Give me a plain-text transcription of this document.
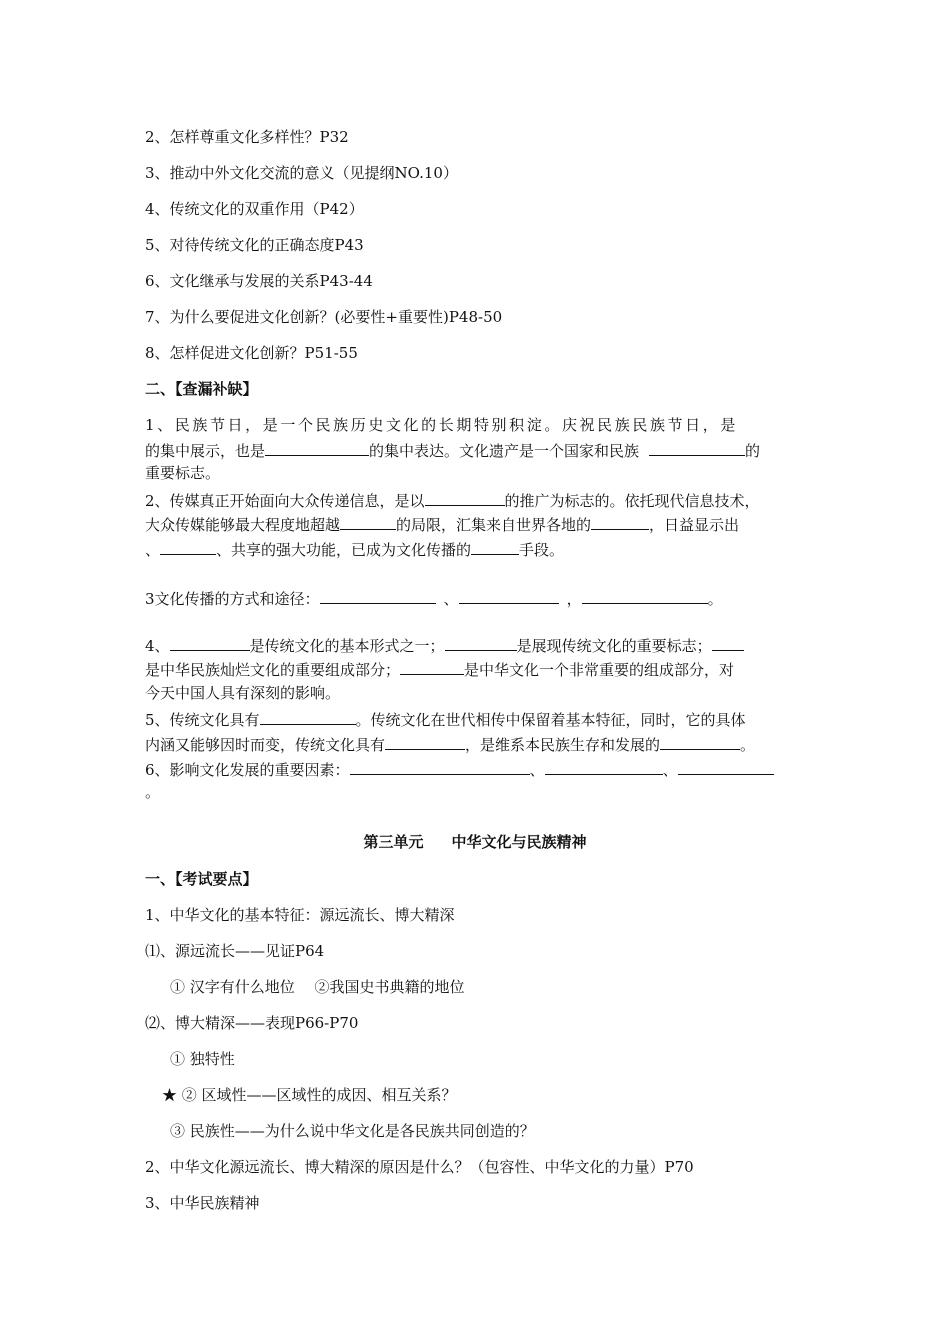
2、怎样尊重文化多样性？P32
3、推动中外文化交流的意义（见提纲NO.10）
4、传统文化的双重作用（P42）
5、对待传统文化的正确态度P43
6、文化继承与发展的关系P43-44
7、为什么要促进文化创新？(必要性+重要性)P48-50
8、怎样促进文化创新？P51-55
二、【查漏补缺】
1、民族节日，是一个民族历史文化的长期特别积淀。庆祝民族民族节日，是
的集中展示，也是	的集中表达。文化遗产是一个国家和民族	的
重要标志。
2、传媒真正开始面向大众传递信息，是以	的推广为标志的。依托现代信息技术，
大众传媒能够最大程度地超越	的局限，汇集来自世界各地的	，日益显示出
、	、共享的强大功能，已成为文化传播的	手段。
3文化传播的方式和途径：	、	，	。
4、	是传统文化的基本形式之一；	是展现传统文化的重要标志；
是中华民族灿烂文化的重要组成部分；	是中华文化一个非常重要的组成部分，对
今天中国人具有深刻的影响。
5、传统文化具有	。传统文化在世代相传中保留着基本特征，同时，它的具体
内涵又能够因时而变，传统文化具有	，是维系本民族生存和发展的	。
6、影响文化发展的重要因素：	、	、
。
第三单元 中华文化与民族精神
一、【考试要点】
1、中华文化的基本特征：源远流长、博大精深
⑴、源远流长——见证P64
① 汉字有什么地位　 ②我国史书典籍的地位
⑵、博大精深——表现P66-P70
① 独特性
★ ② 区域性——区域性的成因、相互关系？
③ 民族性——为什么说中华文化是各民族共同创造的？
2、中华文化源远流长、博大精深的原因是什么？（包容性、中华文化的力量）P70
3、中华民族精神
